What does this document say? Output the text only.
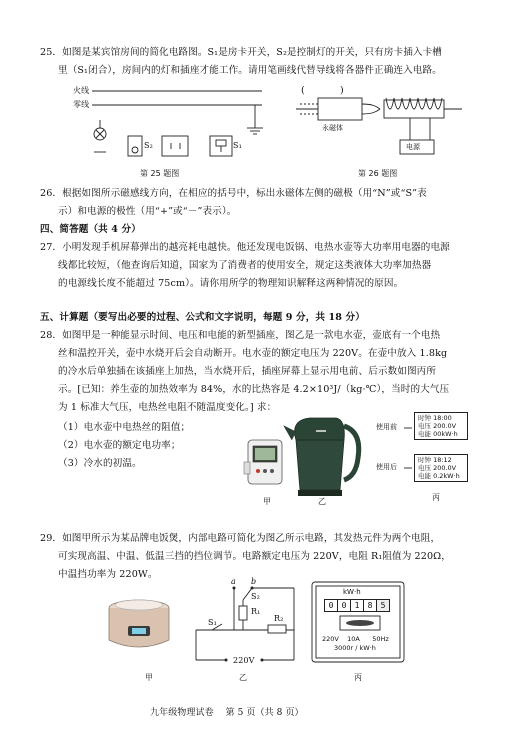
25．如图是某宾馆房间的简化电路图。S₁是房卡开关，S₂是控制灯的开关，只有房卡插入卡槽
里（S₁闭合），房间内的灯和插座才能工作。请用笔画线代替导线将各器件正确连入电路。
火线
零线
S₂	S₁
第 25 题图
(	)
永磁体
电源
第 26 题图
26．根据如图所示磁感线方向，在相应的括号中，标出永磁体左侧的磁极（用“N”或“S”表
示）和电源的极性（用“+”或“－”表示）。
四、简答题（共 4 分）
27．小明发现手机屏幕弹出的越亮耗电越快。他还发现电饭锅、电热水壶等大功率用电器的电源
线都比较短，（他查询后知道，国家为了消费者的使用安全，规定这类液体大功率加热器
的电源线长度不能超过 75cm）。请你用所学的物理知识解释这两种情况的原因。
五、计算题（要写出必要的过程、公式和文字说明，每题 9 分，共 18 分）
28．如图甲是一种能显示时间、电压和电能的新型插座，图乙是一款电水壶，壶底有一个电热
丝和温控开关，壶中水烧开后会自动断开。电水壶的额定电压为 220V。在壶中放入 1.8kg
的冷水后单独插在该插座上加热，当水烧开后，插座屏幕上显示用电前、后示数如图丙所
示。[已知：养生壶的加热效率为 84%，水的比热容是 4.2×10³J/（kg·℃），当时的大气压
为 1 标准大气压，电热丝电阻不随温度变化。] 求：
（1）电水壶中电热丝的阻值；
（2）电水壶的额定电功率；
（3）冷水的初温。
甲	乙
使用前
时钟 18:00
电压 200.0V
电能 00kW·h
使用后
时钟 18:12
电压 200.0V
电能 0.2kW·h
丙
29．如图甲所示为某品牌电饭煲，内部电路可简化为图乙所示电路，其发热元件为两个电阻，
可实现高温、中温、低温三挡的挡位调节。电路额定电压为 220V，电阻 R₁阻值为 220Ω，
中温挡功率为 220W。
甲
a b
S₂
S₁
R₁
R₂
220V
乙
kW·h
0	0	1	8	5
220V    10A      50Hz
3000r / kW·h
丙
九年级物理试卷    第 5 页（共 8 页）
